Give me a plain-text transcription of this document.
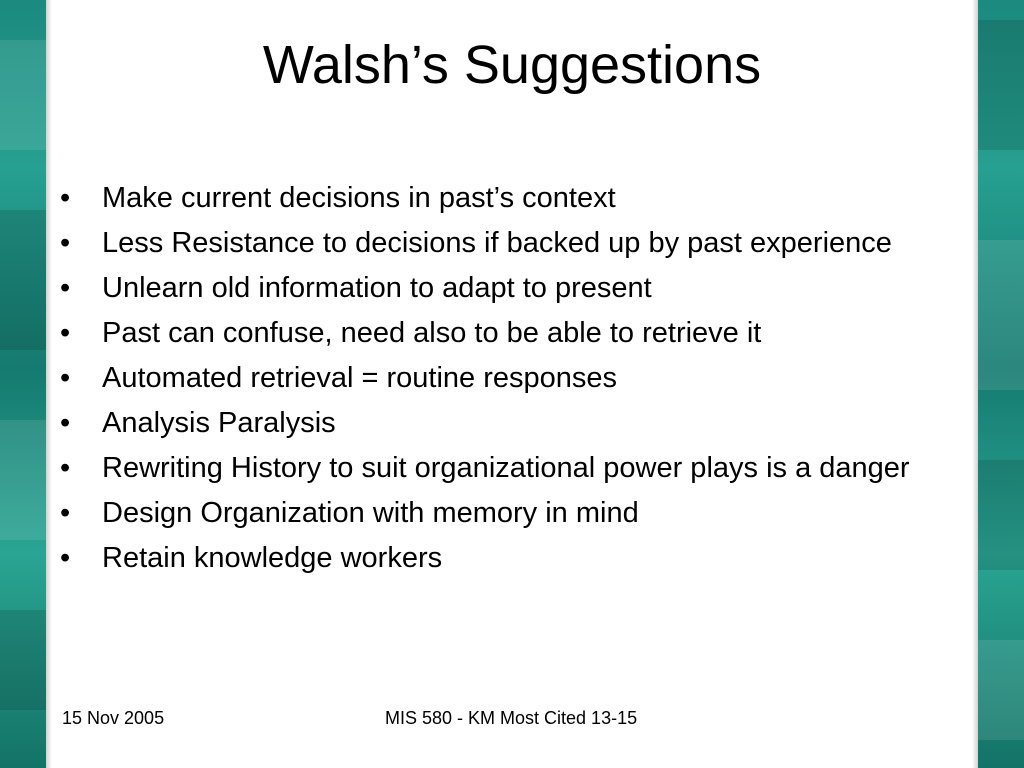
Walsh’s Suggestions
•	Make current decisions in past’s context
•	Less Resistance to decisions if backed up by past experience
•	Unlearn old information to adapt to present
•	Past can confuse, need also to be able to retrieve it
•	Automated retrieval = routine responses
•	Analysis Paralysis
•	Rewriting History to suit organizational power plays is a danger
•	Design Organization with memory in mind
•	Retain knowledge workers
15 Nov 2005	MIS 580 - KM Most Cited 13-15
